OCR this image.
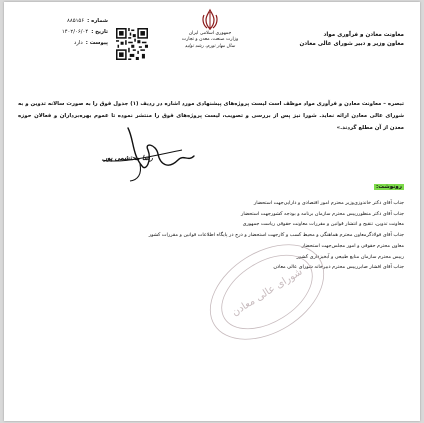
معاونت معادن و فرآوری مواد
معاون وزیر و دبیر شورای عالی معادن
جمهوری اسلامی ایران
وزارت صنعت، معدن و تجارت
سال مهار تورم، رشد تولید
شماره :
۸۸۵۱۵۶
تاریخ :
۱۴۰۲/۰۶/۰۴
پیوست :
دارد
تبصره – معاونت معادن و فرآوری مواد موظف است لیست پروژه‌های پیشنهادی مورد اشاره در ردیف (۱) جدول فوق را به صورت سالانه تدوین و به شورای عالی معادن ارائه نماید. شورا نیز پس از بررسی و تصویب، لیست پروژه‌های فوق را منتشر نموده تا عموم بهره‌برداران و فعالان حوزه معدن از آن مطلع گردند.»
رضا محتشمی پور
رونوشت:
جناب آقای دکتر خاندوزی‌وزیر محترم امور اقتصادی و دارایی‌جهت استحضار
جناب آقای دکتر منظور‌رییس محترم سازمان برنامه و بودجه کشور‌جهت استحضار
معاونت تدوین، تنقیح و انتشار قوانین و مقررات معاونت حقوقی ریاست جمهوری
جناب آقای فولادگر‌معاون محترم هماهنگی و محیط کسب و کار‌جهت استحضار و درج در پایگاه اطلاعات قوانین و مقررات کشور
معاون محترم حقوقی و امور مجلس‌جهت استحضار
رییس محترم سازمان منابع طبیعی و آبخیزداری کشور
جناب آقای افشار صابر‌رییس محترم دبیرخانه شورای عالی معادن
شورای عالی معادن
